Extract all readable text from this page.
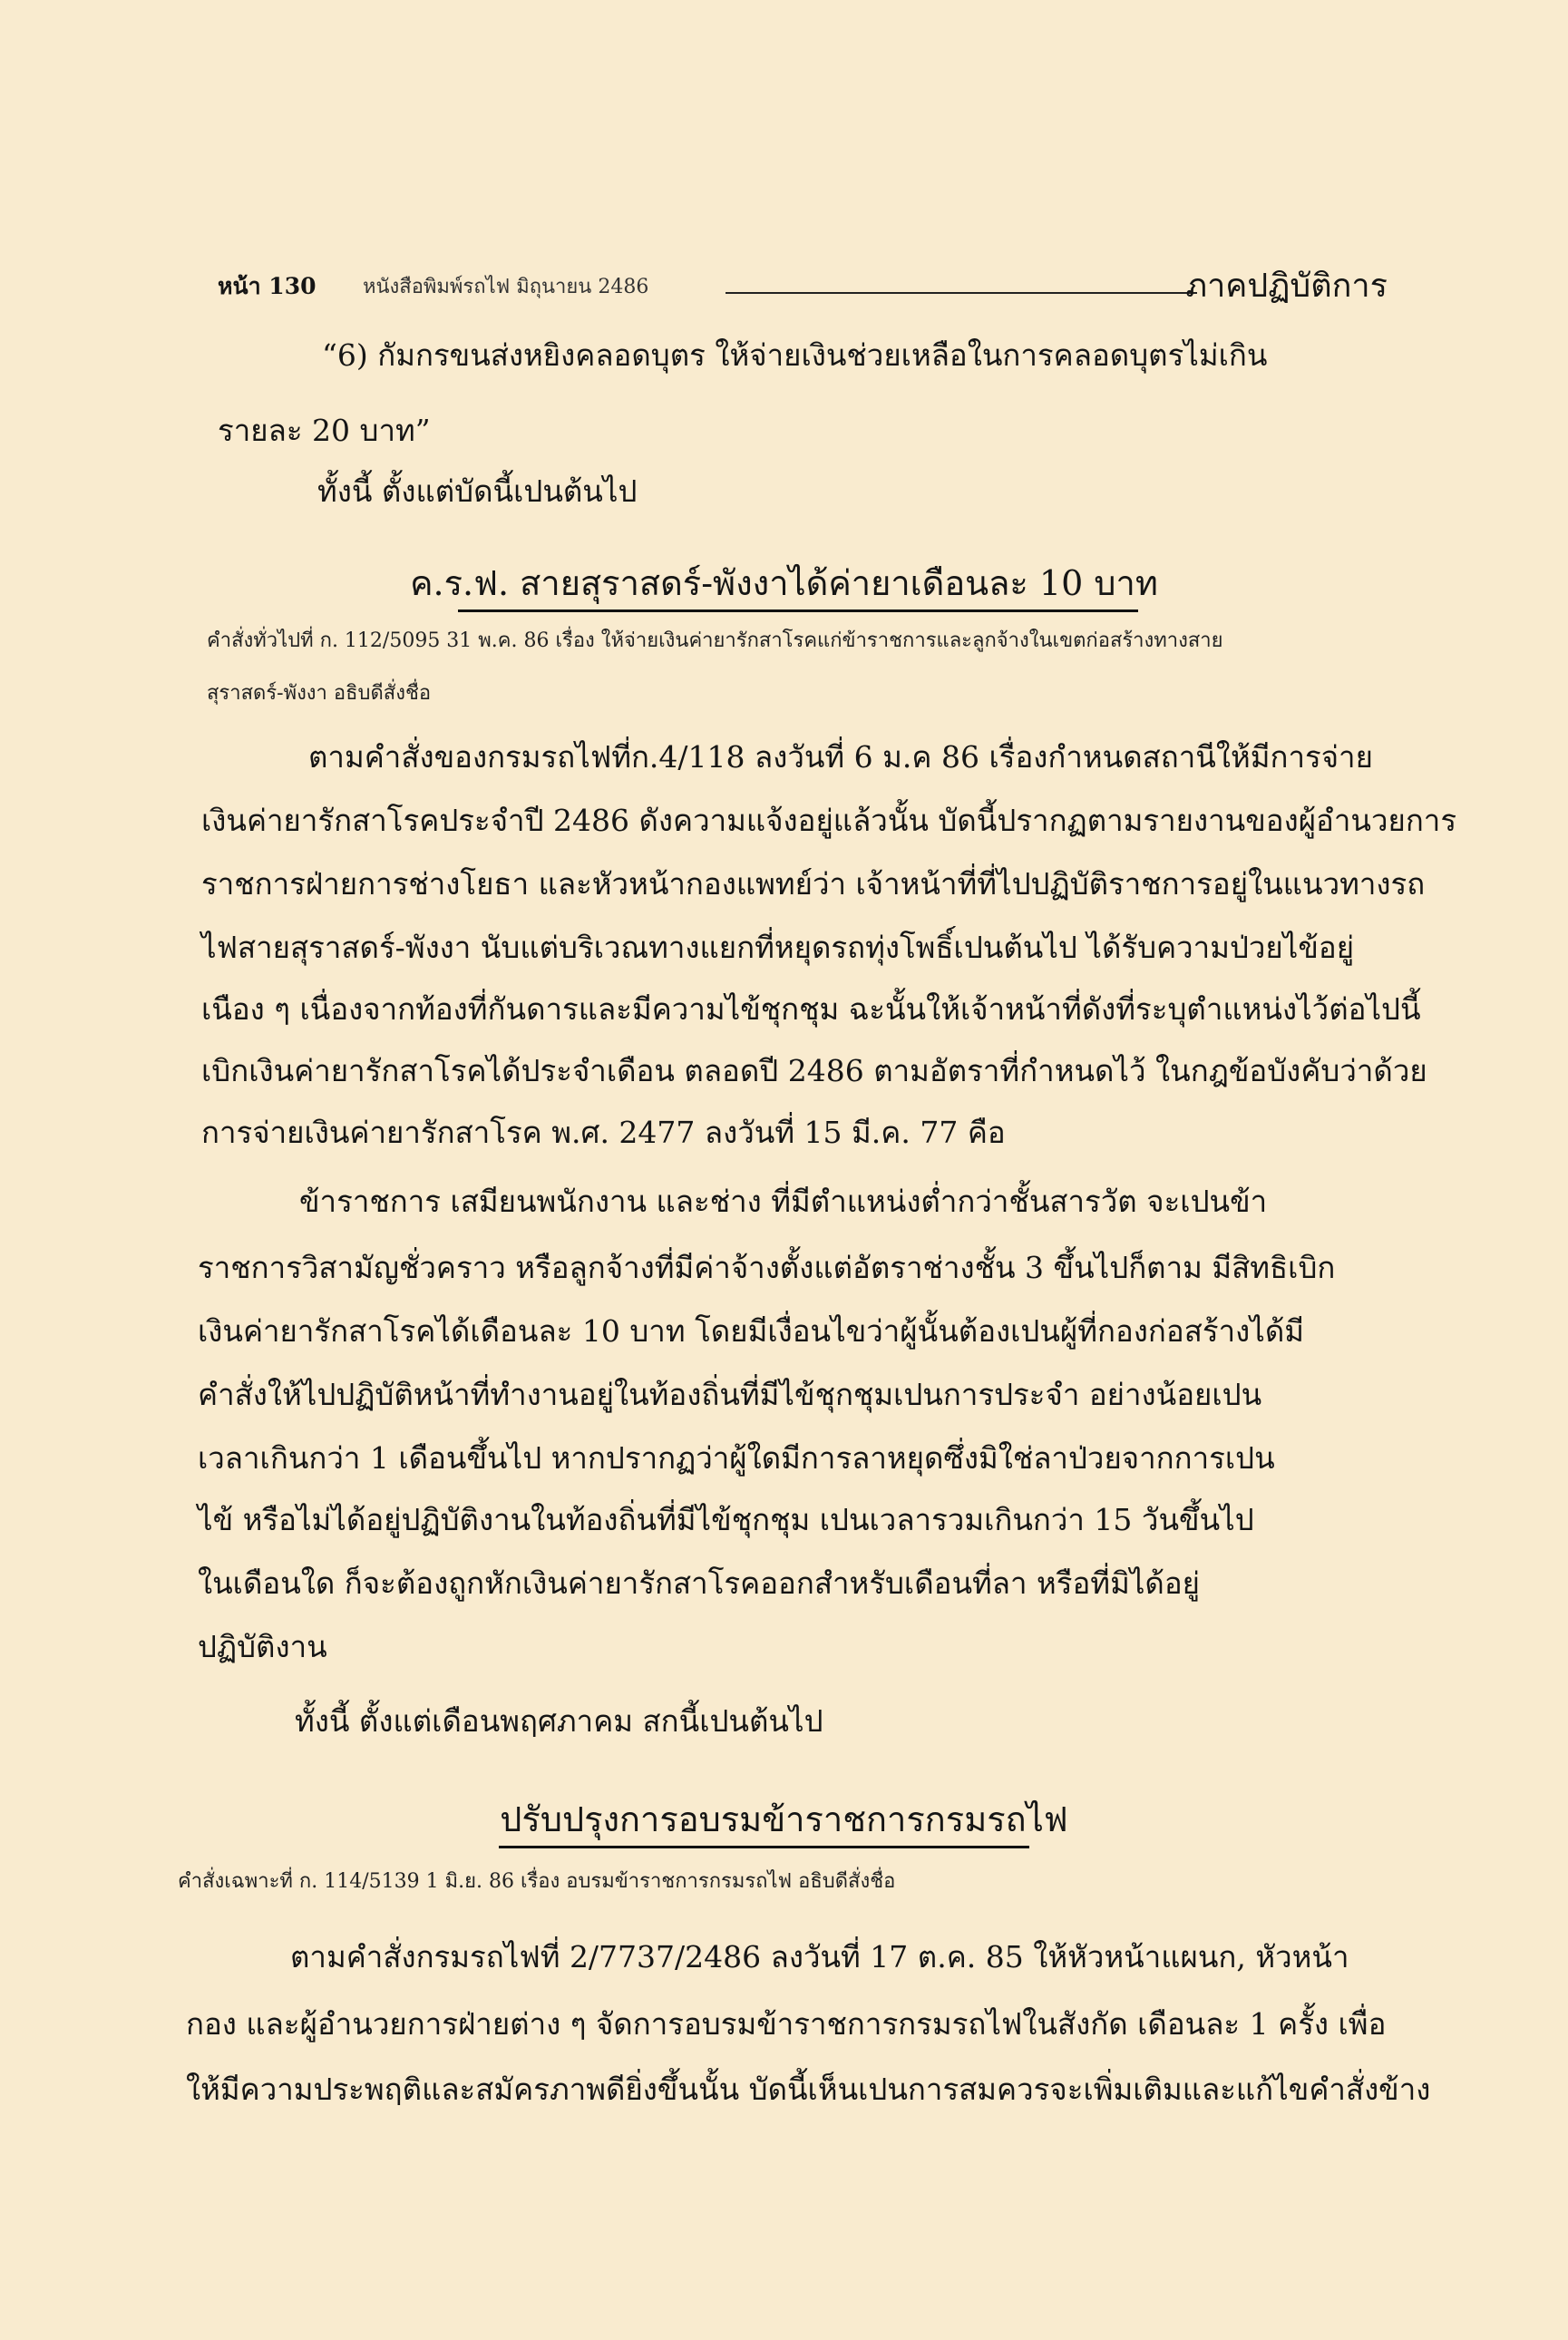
หน้า 130 หนังสือพิมพ์รถไฟ มิถุนายน 2486	ภาคปฏิบัติการ
“6) กัมกรขนส่งหยิงคลอดบุตร ให้จ่ายเงินช่วยเหลือในการคลอดบุตรไม่เกิน
รายละ 20 บาท”
ทั้งนี้ ตั้งแต่บัดนี้เปนต้นไป
ค.ร.ฟ. สายสุราสดร์-พังงาได้ค่ายาเดือนละ 10 บาท
คำสั่งทั่วไปที่ ก. 112/5095 31 พ.ค. 86 เรื่อง ให้จ่ายเงินค่ายารักสาโรคแก่ข้าราชการและลูกจ้างในเขตก่อสร้างทางสาย
สุราสดร์-พังงา อธิบดีสั่งชื่อ
ตามคำสั่งของกรมรถไฟที่ก.4/118 ลงวันที่ 6 ม.ค 86 เรื่องกำหนดสถานีให้มีการจ่าย
เงินค่ายารักสาโรคประจำปี 2486 ดังความแจ้งอยู่แล้วนั้น บัดนี้ปรากฏตามรายงานของผู้อำนวยการ
ราชการฝ่ายการช่างโยธา และหัวหน้ากองแพทย์ว่า เจ้าหน้าที่ที่ไปปฏิบัติราชการอยู่ในแนวทางรถ
ไฟสายสุราสดร์-พังงา นับแต่บริเวณทางแยกที่หยุดรถทุ่งโพธิ์เปนต้นไป ได้รับความป่วยไข้อยู่
เนือง ๆ เนื่องจากท้องที่กันดารและมีความไข้ชุกชุม ฉะนั้นให้เจ้าหน้าที่ดังที่ระบุตำแหน่งไว้ต่อไปนี้
เบิกเงินค่ายารักสาโรคได้ประจำเดือน ตลอดปี 2486 ตามอัตราที่กำหนดไว้ ในกฎข้อบังคับว่าด้วย
การจ่ายเงินค่ายารักสาโรค พ.ศ. 2477 ลงวันที่ 15 มี.ค. 77 คือ
ข้าราชการ เสมียนพนักงาน และช่าง ที่มีตำแหน่งต่ำกว่าชั้นสารวัต จะเปนข้า
ราชการวิสามัญชั่วคราว หรือลูกจ้างที่มีค่าจ้างตั้งแต่อัตราช่างชั้น 3 ขึ้นไปก็ตาม มีสิทธิเบิก
เงินค่ายารักสาโรคได้เดือนละ 10 บาท โดยมีเงื่อนไขว่าผู้นั้นต้องเปนผู้ที่กองก่อสร้างได้มี
คำสั่งให้ไปปฏิบัติหน้าที่ทำงานอยู่ในท้องถิ่นที่มีไข้ชุกชุมเปนการประจำ อย่างน้อยเปน
เวลาเกินกว่า 1 เดือนขึ้นไป หากปรากฏว่าผู้ใดมีการลาหยุดซึ่งมิใช่ลาป่วยจากการเปน
ไข้ หรือไม่ได้อยู่ปฏิบัติงานในท้องถิ่นที่มีไข้ชุกชุม เปนเวลารวมเกินกว่า 15 วันขึ้นไป
ในเดือนใด ก็จะต้องถูกหักเงินค่ายารักสาโรคออกสำหรับเดือนที่ลา หรือที่มิได้อยู่
ปฏิบัติงาน
ทั้งนี้ ตั้งแต่เดือนพฤศภาคม สกนี้เปนต้นไป
ปรับปรุงการอบรมข้าราชการกรมรถไฟ
คำสั่งเฉพาะที่ ก. 114/5139 1 มิ.ย. 86 เรื่อง อบรมข้าราชการกรมรถไฟ อธิบดีสั่งชื่อ
ตามคำสั่งกรมรถไฟที่ 2/7737/2486 ลงวันที่ 17 ต.ค. 85 ให้หัวหน้าแผนก, หัวหน้า
กอง และผู้อำนวยการฝ่ายต่าง ๆ จัดการอบรมข้าราชการกรมรถไฟในสังกัด เดือนละ 1 ครั้ง เพื่อ
ให้มีความประพฤติและสมัครภาพดียิ่งขึ้นนั้น บัดนี้เห็นเปนการสมควรจะเพิ่มเติมและแก้ไขคำสั่งข้าง
